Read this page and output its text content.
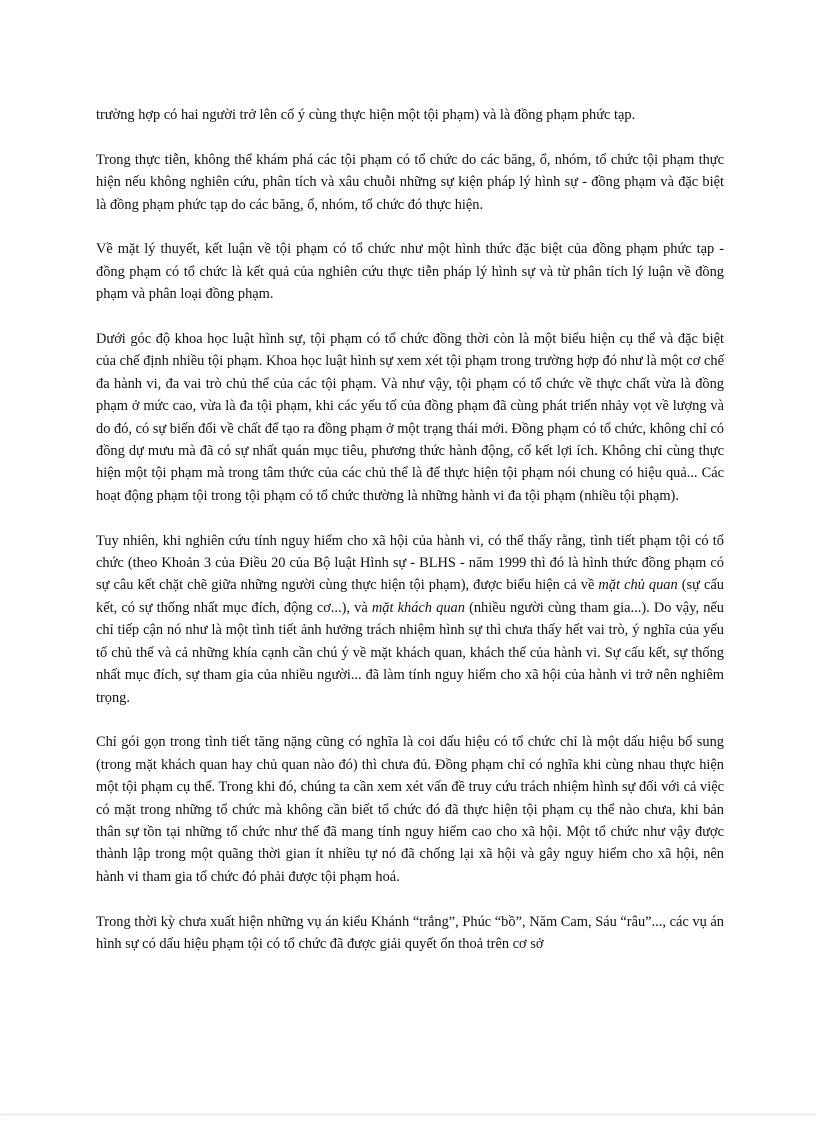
trường hợp có hai người trở lên cố ý cùng thực hiện một tội phạm) và là đồng phạm phức tạp.

Trong thực tiễn, không thể khám phá các tội phạm có tổ chức do các băng, ổ, nhóm, tổ chức tội phạm thực hiện nếu không nghiên cứu, phân tích và xâu chuỗi những sự kiện pháp lý hình sự - đồng phạm và đặc biệt là đồng phạm phức tạp do các băng, ổ, nhóm, tổ chức đó thực hiện.

Về mặt lý thuyết, kết luận về tội phạm có tổ chức như một hình thức đặc biệt của đồng phạm phức tạp - đồng phạm có tổ chức là kết quả của nghiên cứu thực tiễn pháp lý hình sự và từ phân tích lý luận về đồng phạm và phân loại đồng phạm.

Dưới góc độ khoa học luật hình sự, tội phạm có tổ chức đồng thời còn là một biểu hiện cụ thể và đặc biệt của chế định nhiều tội phạm. Khoa học luật hình sự xem xét tội phạm trong trường hợp đó như là một cơ chế đa hành vi, đa vai trò chủ thể của các tội phạm. Và như vậy, tội phạm có tổ chức về thực chất vừa là đồng phạm ở mức cao, vừa là đa tội phạm, khi các yếu tố của đồng phạm đã cùng phát triển nhảy vọt về lượng và do đó, có sự biến đổi về chất để tạo ra đồng phạm ở một trạng thái mới. Đồng phạm có tổ chức, không chỉ có đồng dự mưu mà đã có sự nhất quán mục tiêu, phương thức hành động, cố kết lợi ích. Không chỉ cùng thực hiện một tội phạm mà trong tâm thức của các chủ thể là để thực hiện tội phạm nói chung có hiệu quả... Các hoạt động phạm tội trong tội phạm có tổ chức thường là những hành vi đa tội phạm (nhiều tội phạm).

Tuy nhiên, khi nghiên cứu tính nguy hiểm cho xã hội của hành vi, có thể thấy rằng, tình tiết phạm tội có tổ chức (theo Khoản 3 của Điều 20 của Bộ luật Hình sự - BLHS - năm 1999 thì đó là hình thức đồng phạm có sự câu kết chặt chẽ giữa những người cùng thực hiện tội phạm), được biểu hiện cả về mặt chủ quan (sự cấu kết, có sự thống nhất mục đích, động cơ...), và mặt khách quan (nhiều người cùng tham gia...). Do vậy, nếu chỉ tiếp cận nó như là một tình tiết ảnh hưởng trách nhiệm hình sự thì chưa thấy hết vai trò, ý nghĩa của yếu tố chủ thể và cả những khía cạnh cần chú ý về mặt khách quan, khách thể của hành vi. Sự cấu kết, sự thống nhất mục đích, sự tham gia của nhiều người... đã làm tính nguy hiểm cho xã hội của hành vi trở nên nghiêm trọng.

Chỉ gói gọn trong tình tiết tăng nặng cũng có nghĩa là coi dấu hiệu có tổ chức chỉ là một dấu hiệu bổ sung (trong mặt khách quan hay chủ quan nào đó) thì chưa đủ. Đồng phạm chỉ có nghĩa khi cùng nhau thực hiện một tội phạm cụ thể. Trong khi đó, chúng ta cần xem xét vấn đề truy cứu trách nhiệm hình sự đối với cả việc có mặt trong những tổ chức mà không cần biết tổ chức đó đã thực hiện tội phạm cụ thể nào chưa, khi bản thân sự tồn tại những tổ chức như thế đã mang tính nguy hiểm cao cho xã hội. Một tổ chức như vậy được thành lập trong một quãng thời gian ít nhiều tự nó đã chống lại xã hội và gây nguy hiểm cho xã hội, nên hành vi tham gia tổ chức đó phải được tội phạm hoá.

Trong thời kỳ chưa xuất hiện những vụ án kiểu Khánh “trắng”, Phúc “bồ”, Năm Cam, Sáu “râu”..., các vụ án hình sự có dấu hiệu phạm tội có tổ chức đã được giải quyết ổn thoả trên cơ sở
